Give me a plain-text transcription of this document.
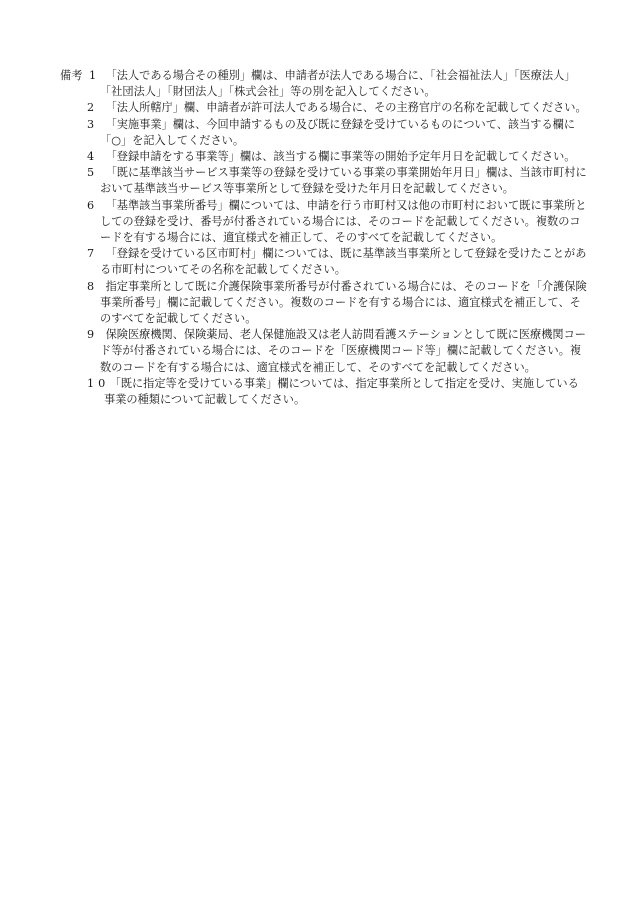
備考 1 「法人である場合その種別」欄は、申請者が法人である場合に、「社会福祉法人」「医療法人」「社団法人」「財団法人」「株式会社」等の別を記入してください。
2	「法人所轄庁」欄、申請者が許可法人である場合に、その主務官庁の名称を記載してください。
3	「実施事業」欄は、今回申請するもの及び既に登録を受けているものについて、該当する欄に「○」を記入してください。
4	「登録申請をする事業等」欄は、該当する欄に事業等の開始予定年月日を記載してください。
5	「既に基準該当サービス事業等の登録を受けている事業の事業開始年月日」欄は、当該市町村において基準該当サービス等事業所として登録を受けた年月日を記載してください。
6	「基準該当事業所番号」欄については、申請を行う市町村又は他の市町村において既に事業所としての登録を受け、番号が付番されている場合には、そのコードを記載してください。複数のコードを有する場合には、適宜様式を補正して、そのすべてを記載してください。
7	「登録を受けている区市町村」欄については、既に基準該当事業所として登録を受けたことがある市町村についてその名称を記載してください。
8	指定事業所として既に介護保険事業所番号が付番されている場合には、そのコードを「介護保険事業所番号」欄に記載してください。複数のコードを有する場合には、適宜様式を補正して、そのすべてを記載してください。
9	保険医療機関、保険薬局、老人保健施設又は老人訪問看護ステーションとして既に医療機関コード等が付番されている場合には、そのコードを「医療機関コード等」欄に記載してください。複数のコードを有する場合には、適宜様式を補正して、そのすべてを記載してください。
10 「既に指定等を受けている事業」欄については、指定事業所として指定を受け、実施している事業の種類について記載してください。
